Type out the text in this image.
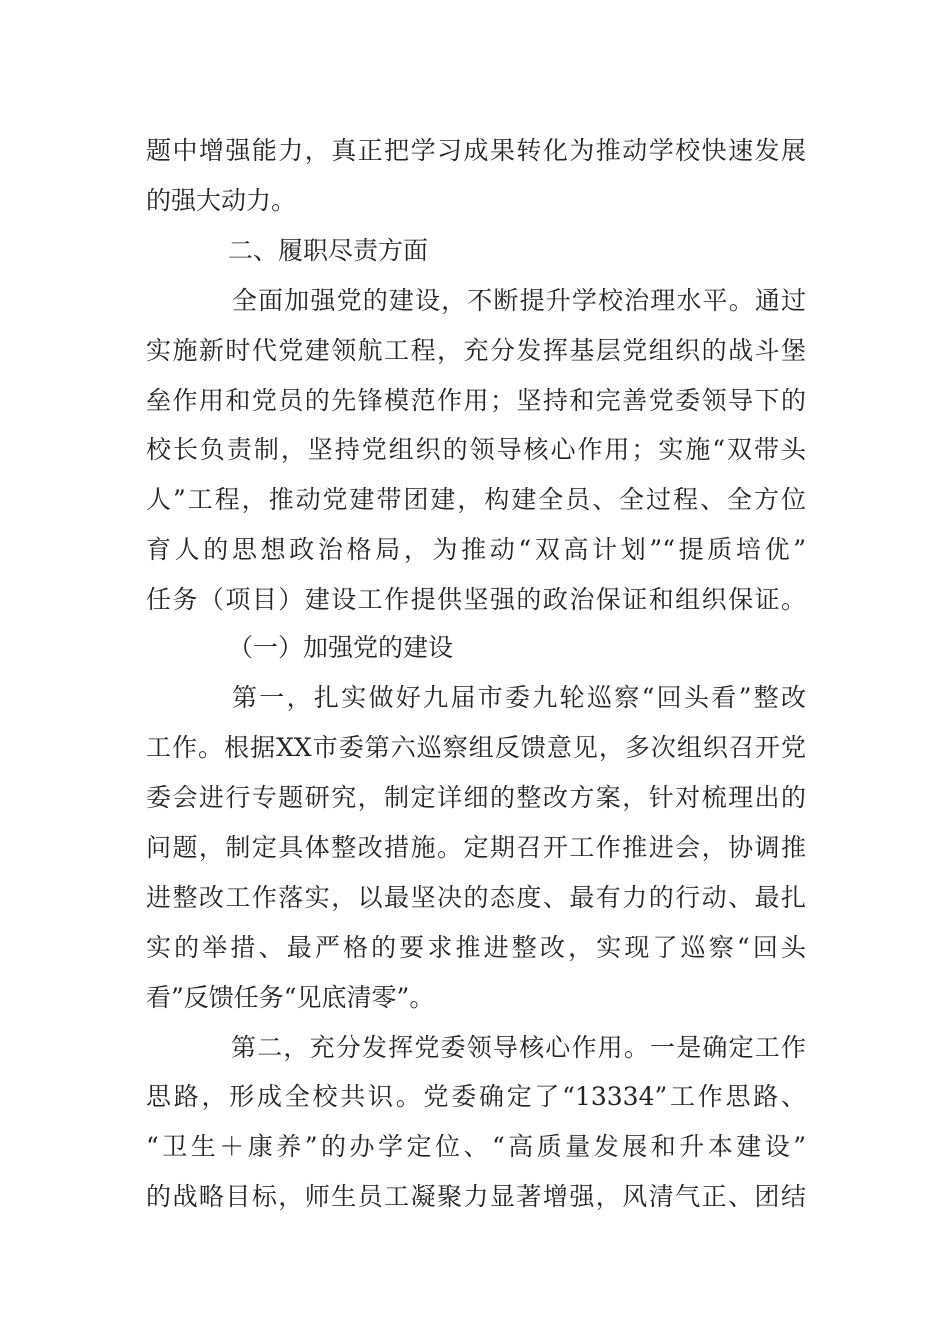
题中增强能力，真正把学习成果转化为推动学校快速发展
的强大动力。
二、履职尽责方面
全面加强党的建设，不断提升学校治理水平。通过
实施新时代党建领航工程，充分发挥基层党组织的战斗堡
垒作用和党员的先锋模范作用；坚持和完善党委领导下的
校长负责制，坚持党组织的领导核心作用；实施“双带头
人”工程，推动党建带团建，构建全员、全过程、全方位
育人的思想政治格局，为推动“双高计划”“提质培优”
任务（项目）建设工作提供坚强的政治保证和组织保证。
（一）加强党的建设
第一，扎实做好九届市委九轮巡察“回头看”整改
工作。根据XX市委第六巡察组反馈意见，多次组织召开党
委会进行专题研究，制定详细的整改方案，针对梳理出的
问题，制定具体整改措施。定期召开工作推进会，协调推
进整改工作落实，以最坚决的态度、最有力的行动、最扎
实的举措、最严格的要求推进整改，实现了巡察“回头
看”反馈任务“见底清零”。
第二，充分发挥党委领导核心作用。一是确定工作
思路，形成全校共识。党委确定了“13334”工作思路、
“卫生＋康养”的办学定位、“高质量发展和升本建设”
的战略目标，师生员工凝聚力显著增强，风清气正、团结
